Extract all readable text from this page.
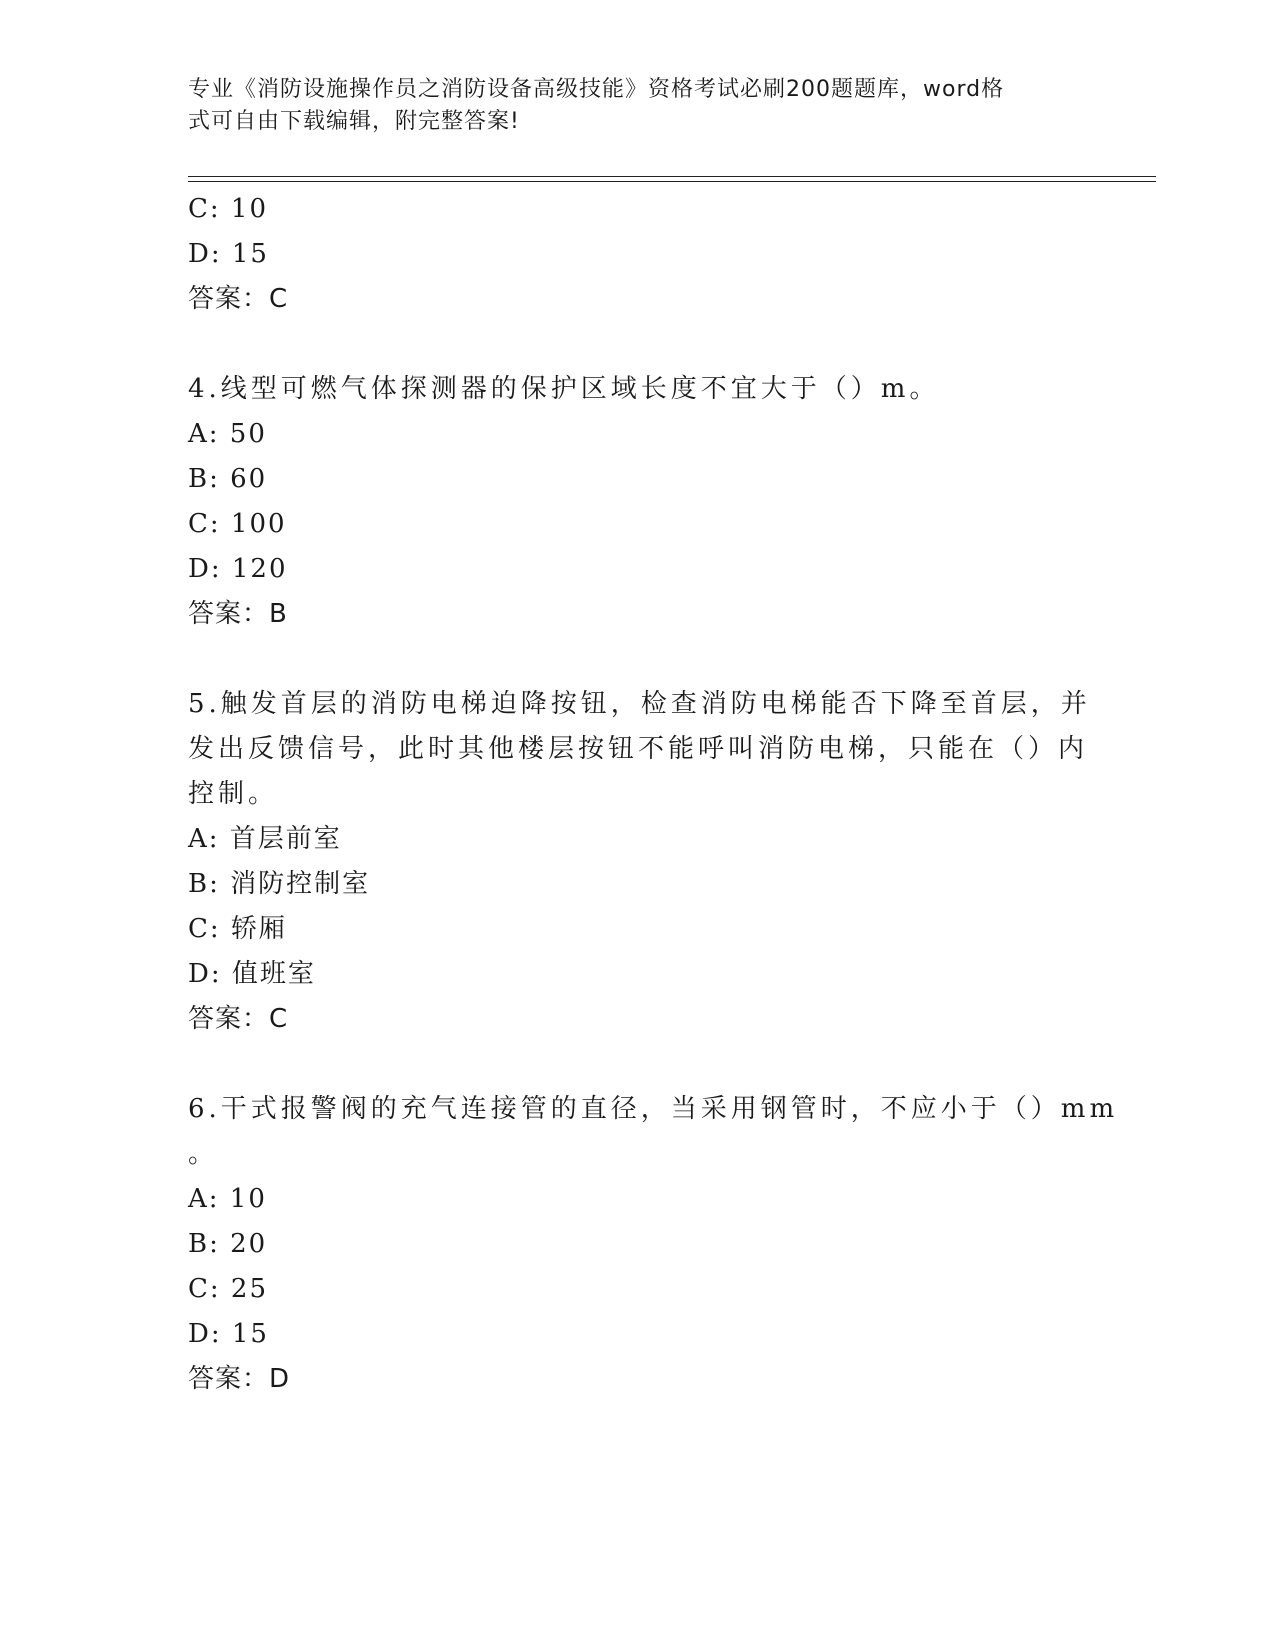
专业《消防设施操作员之消防设备高级技能》资格考试必刷200题题库，word格
式可自由下载编辑，附完整答案!
C: 10
D: 15
答案：C
4.线型可燃气体探测器的保护区域长度不宜大于（）m。
A: 50
B: 60
C: 100
D: 120
答案：B
5.触发首层的消防电梯迫降按钮，检查消防电梯能否下降至首层，并
发出反馈信号，此时其他楼层按钮不能呼叫消防电梯，只能在（）内
控制。
A: 首层前室
B: 消防控制室
C: 轿厢
D: 值班室
答案：C
6.干式报警阀的充气连接管的直径，当采用钢管时，不应小于（）mm
。
A: 10
B: 20
C: 25
D: 15
答案：D
